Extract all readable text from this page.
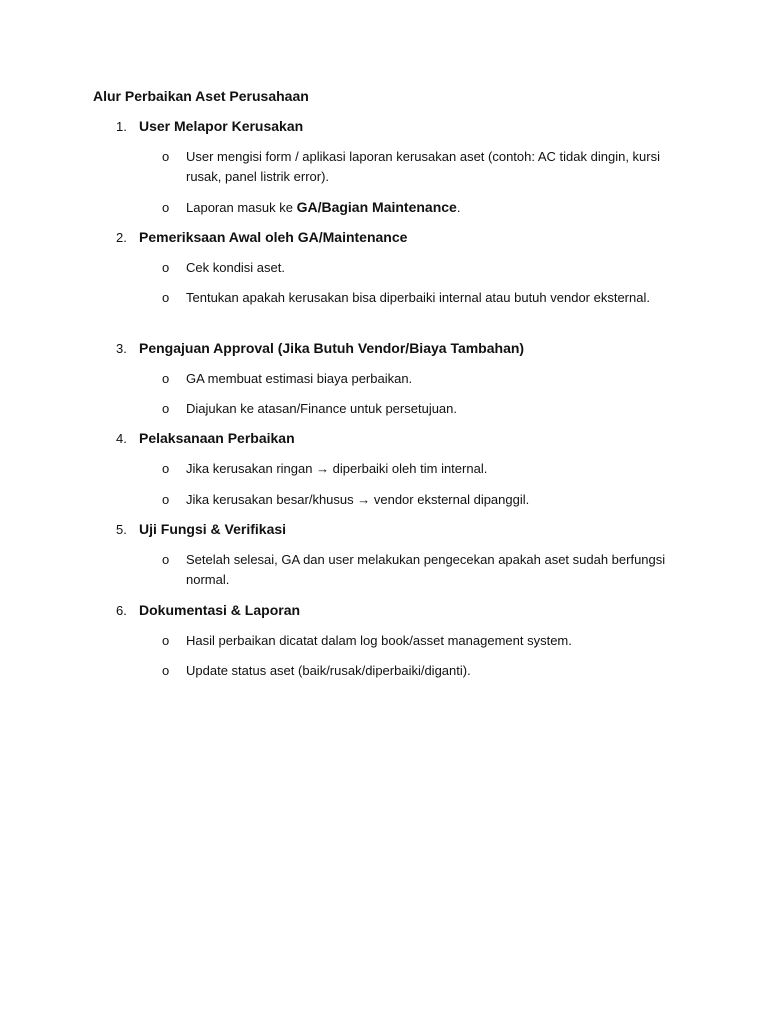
Alur Perbaikan Aset Perusahaan
1. User Melapor Kerusakan
o User mengisi form / aplikasi laporan kerusakan aset (contoh: AC tidak dingin, kursi rusak, panel listrik error).
o Laporan masuk ke GA/Bagian Maintenance.
2. Pemeriksaan Awal oleh GA/Maintenance
o Cek kondisi aset.
o Tentukan apakah kerusakan bisa diperbaiki internal atau butuh vendor eksternal.
3. Pengajuan Approval (Jika Butuh Vendor/Biaya Tambahan)
o GA membuat estimasi biaya perbaikan.
o Diajukan ke atasan/Finance untuk persetujuan.
4. Pelaksanaan Perbaikan
o Jika kerusakan ringan → diperbaiki oleh tim internal.
o Jika kerusakan besar/khusus → vendor eksternal dipanggil.
5. Uji Fungsi & Verifikasi
o Setelah selesai, GA dan user melakukan pengecekan apakah aset sudah berfungsi normal.
6. Dokumentasi & Laporan
o Hasil perbaikan dicatat dalam log book/asset management system.
o Update status aset (baik/rusak/diperbaiki/diganti).
